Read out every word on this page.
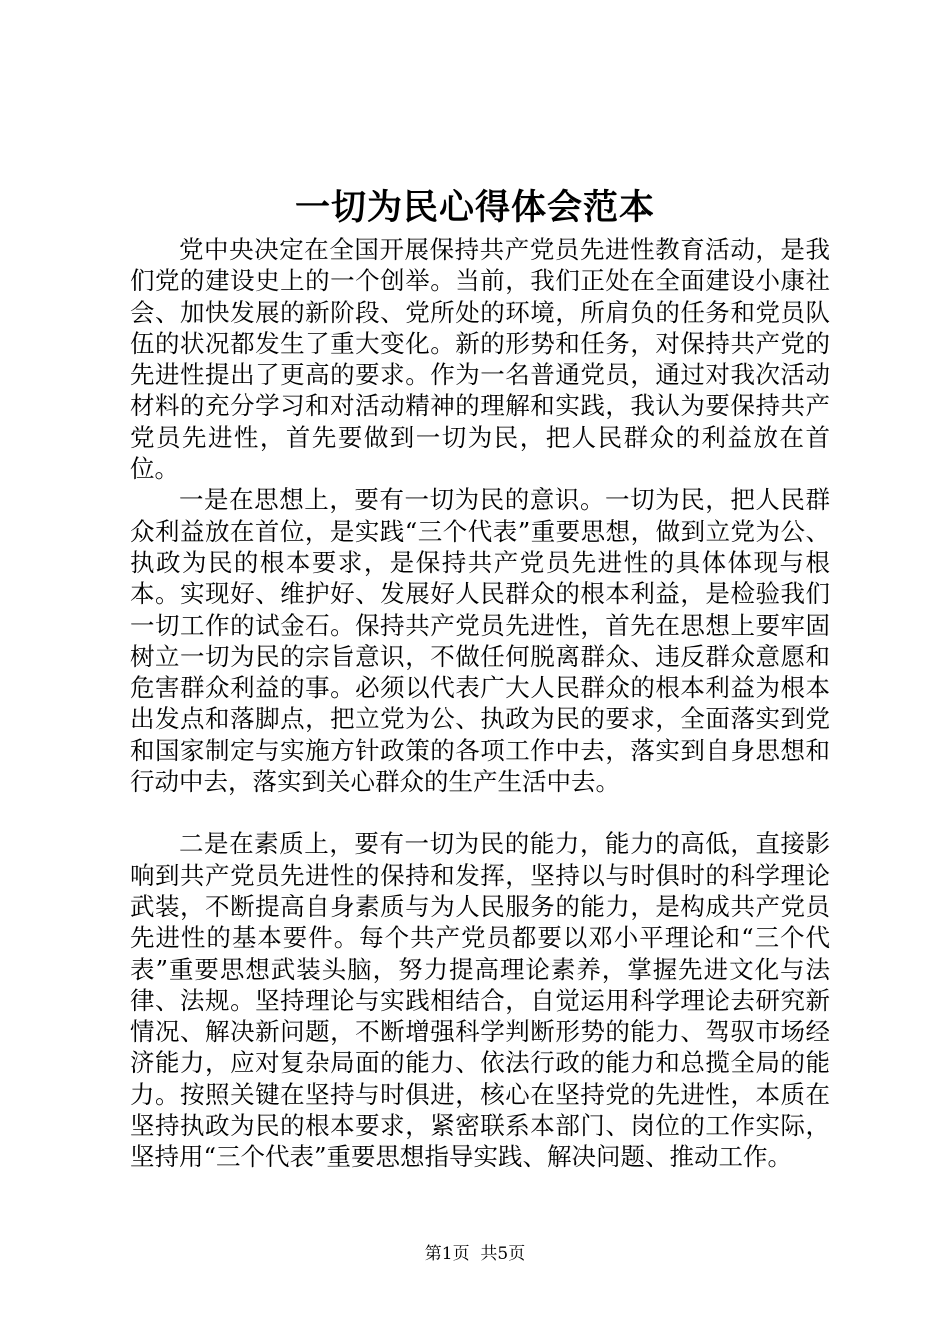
一切为民心得体会范本

党中央决定在全国开展保持共产党员先进性教育活动，是我们党的建设史上的一个创举。当前，我们正处在全面建设小康社会、加快发展的新阶段、党所处的环境，所肩负的任务和党员队伍的状况都发生了重大变化。新的形势和任务，对保持共产党的先进性提出了更高的要求。作为一名普通党员，通过对我次活动材料的充分学习和对活动精神的理解和实践，我认为要保持共产党员先进性，首先要做到一切为民，把人民群众的利益放在首位。

一是在思想上，要有一切为民的意识。一切为民，把人民群众利益放在首位，是实践“三个代表”重要思想，做到立党为公、执政为民的根本要求，是保持共产党员先进性的具体体现与根本。实现好、维护好、发展好人民群众的根本利益，是检验我们一切工作的试金石。保持共产党员先进性，首先在思想上要牢固树立一切为民的宗旨意识，不做任何脱离群众、违反群众意愿和危害群众利益的事。必须以代表广大人民群众的根本利益为根本出发点和落脚点，把立党为公、执政为民的要求，全面落实到党和国家制定与实施方针政策的各项工作中去，落实到自身思想和行动中去，落实到关心群众的生产生活中去。

二是在素质上，要有一切为民的能力，能力的高低，直接影响到共产党员先进性的保持和发挥，坚持以与时俱时的科学理论武装，不断提高自身素质与为人民服务的能力，是构成共产党员先进性的基本要件。每个共产党员都要以邓小平理论和“三个代表”重要思想武装头脑，努力提高理论素养，掌握先进文化与法律、法规。坚持理论与实践相结合，自觉运用科学理论去研究新情况、解决新问题，不断增强科学判断形势的能力、驾驭市场经济能力，应对复杂局面的能力、依法行政的能力和总揽全局的能力。按照关键在坚持与时俱进，核心在坚持党的先进性，本质在坚持执政为民的根本要求，紧密联系本部门、岗位的工作实际，坚持用“三个代表”重要思想指导实践、解决问题、推动工作。

第1页  共5页
